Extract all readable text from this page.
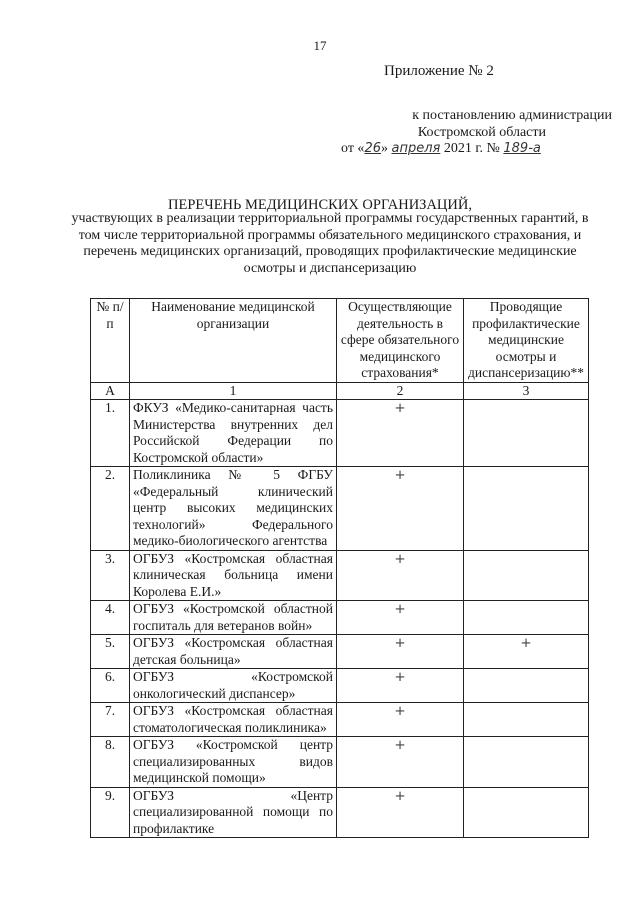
17
Приложение № 2
к постановлению администрации
Костромской области
от «26» апреля 2021 г. № 189-а
ПЕРЕЧЕНЬ МЕДИЦИНСКИХ ОРГАНИЗАЦИЙ,
участвующих в реализации территориальной программы государственных гарантий, в том числе территориальной программы обязательного медицинского страхования, и перечень медицинских организаций, проводящих профилактические медицинские осмотры и диспансеризацию
№ п/п	Наименование медицинской организации	Осуществляющие деятельность в сфере обязательного медицинского страхования*	Проводящие профилактические медицинские осмотры и диспансеризацию**
А	1	2	3
1.	ФКУЗ «Медико-санитарная часть Министерства внутренних дел Российской Федерации по Костромской области»	+	
2.	Поликлиника № 5 ФГБУ «Федеральный клинический центр высоких медицинских технологий» Федерального медико-биологического агентства	+	
3.	ОГБУЗ «Костромская областная клиническая больница имени Королева Е.И.»	+	
4.	ОГБУЗ «Костромской областной госпиталь для ветеранов войн»	+	
5.	ОГБУЗ «Костромская областная детская больница»	+	+
6.	ОГБУЗ «Костромской онкологический диспансер»	+	
7.	ОГБУЗ «Костромская областная стоматологическая поликлиника»	+	
8.	ОГБУЗ «Костромской центр специализированных видов медицинской помощи»	+	
9.	ОГБУЗ «Центр специализированной помощи по профилактике	+	
